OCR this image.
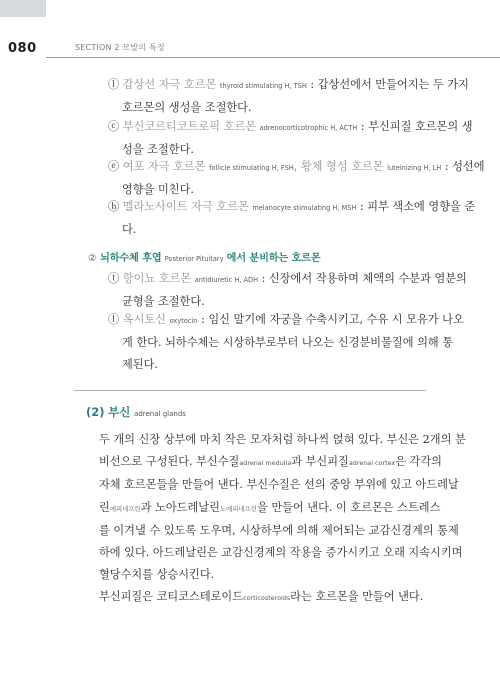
080	SECTION 2 모발의 특징
ⓛ 갑상선 자극 호르몬 thyroid stimulating H, TSH : 갑상선에서 만들어지는 두 가지
호르몬의 생성을 조절한다.
ⓒ 부신코르티코트로픽 호르몬 adrenocorticotrophic H, ACTH : 부신피질 호르몬의 생
성을 조절한다.
ⓔ 여포 자극 호르몬 follicle stimulating H, FSH, 황체 형성 호르몬 luteinizing H, LH : 성선에
영향을 미친다.
ⓗ 멜라노사이트 자극 호르몬 melanocyte stimulating H, MSH : 피부 색소에 영향을 준
다.
② 뇌하수체 후엽 Posterior Pituitary 에서 분비하는 호르몬
ⓣ 항이뇨 호르몬 antidiuretic H, ADH : 신장에서 작용하며 체액의 수분과 염분의
균형을 조절한다.
ⓛ 옥시토신 oxytocin : 임신 말기에 자궁을 수축시키고, 수유 시 모유가 나오
게 한다. 뇌하수체는 시상하부로부터 나오는 신경분비물질에 의해 통
제된다.
(2) 부신 adrenal glands
두 개의 신장 상부에 마치 작은 모자처럼 하나씩 얹혀 있다. 부신은 2개의 분
비선으로 구성된다. 부신수질adrenal medulla과 부신피질adrenal cortex은 각각의
자체 호르몬들을 만들어 낸다. 부신수질은 선의 중앙 부위에 있고 아드레날
린에피네프린과 노아드레날린노에피네프린을 만들어 낸다. 이 호르몬은 스트레스
를 이겨낼 수 있도록 도우며, 시상하부에 의해 제어되는 교감신경계의 통제
하에 있다. 아드레날린은 교감신경계의 작용을 증가시키고 오래 지속시키며
혈당수치를 상승시킨다.
부신피질은 코티코스테로이드corticosteroids라는 호르몬을 만들어 낸다.
